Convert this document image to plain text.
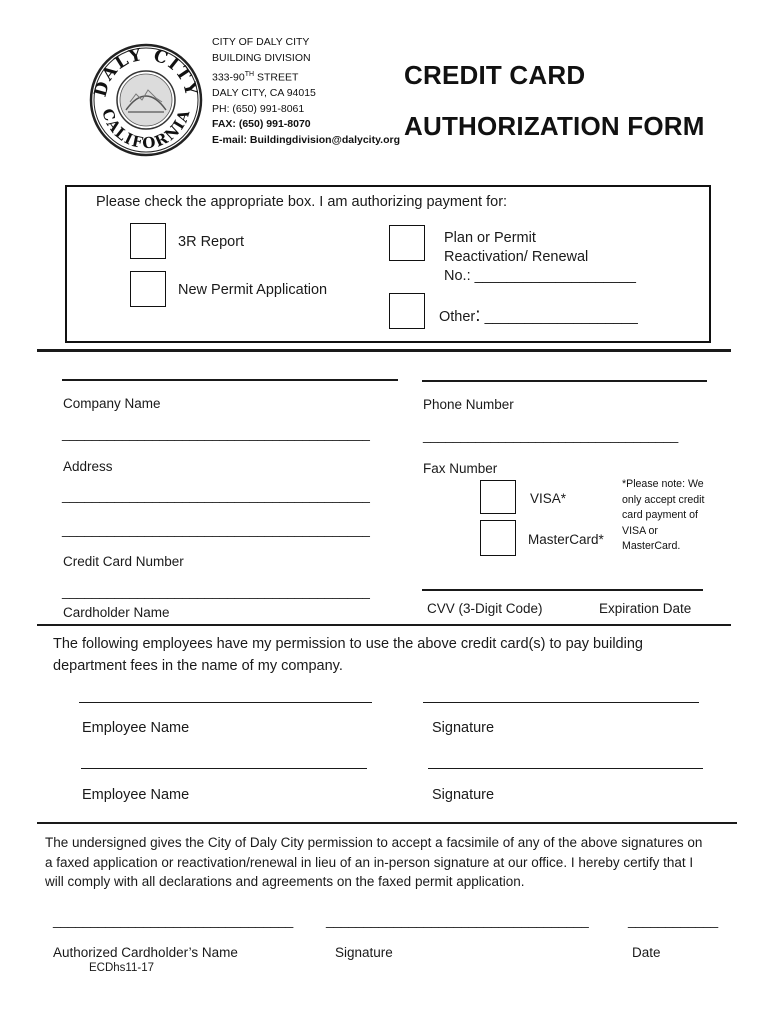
DALY CITY
CALIFORNIA
CITY OF DALY CITY
BUILDING DIVISION
333-90TH STREET
DALY CITY, CA 94015
PH: (650) 991-8061
FAX: (650) 991-8070
E-mail: Buildingdivision@dalycity.org
CREDIT CARD
AUTHORIZATION FORM
Please check the appropriate box. I am authorizing payment for:
3R Report
New Permit Application
Plan or Permit
Reactivation/ Renewal
No.: ____________________
Other: ___________________
Company Name	Phone Number
_________________________________________	__________________________________
Address	Fax Number
_________________________________________
_________________________________________
VISA*
MasterCard*
*Please note: We
only accept credit
card payment of
VISA or
MasterCard.
Credit Card Number
_________________________________________
Cardholder Name	CVV (3-Digit Code)	Expiration Date
The following employees have my permission to use the above credit card(s) to pay building
department fees in the name of my company.
Employee Name	Signature
Employee Name	Signature
The undersigned gives the City of Daly City permission to accept a facsimile of any of the above signatures on
a faxed application or reactivation/renewal in lieu of an in-person signature at our office. I hereby certify that I
will comply with all declarations and agreements on the faxed permit application.
________________________________ ___________________________________	____________
Authorized Cardholder’s Name	Signature	Date
ECDhs11-17
